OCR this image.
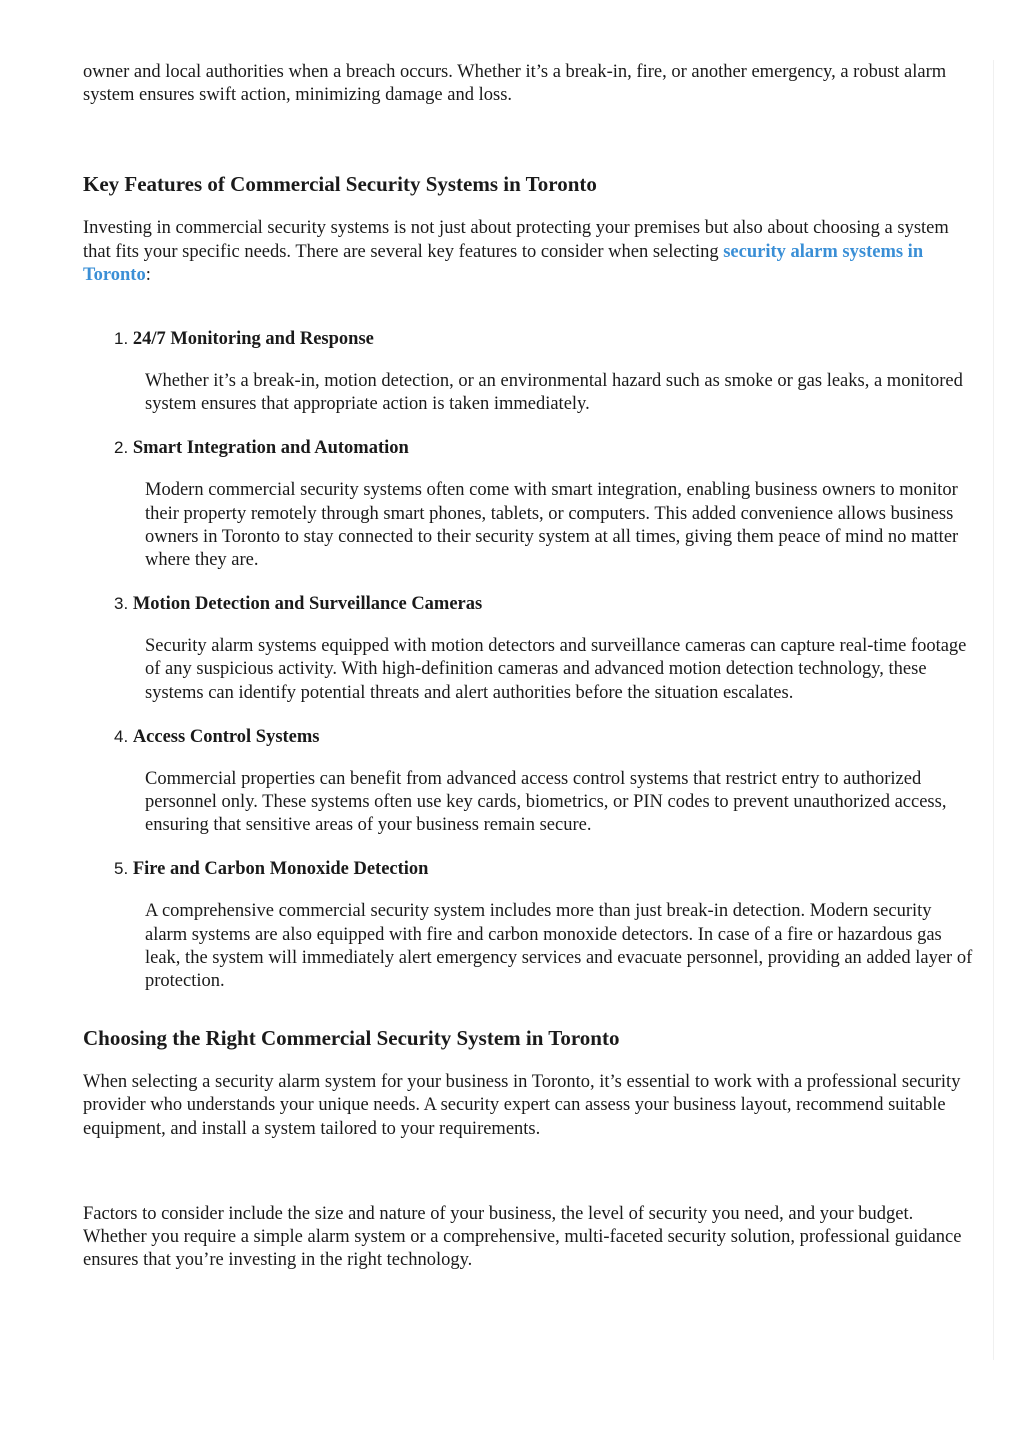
owner and local authorities when a breach occurs. Whether it’s a break-in, fire, or another emergency, a robust alarm system ensures swift action, minimizing damage and loss.

Key Features of Commercial Security Systems in Toronto

Investing in commercial security systems is not just about protecting your premises but also about choosing a system that fits your specific needs. There are several key features to consider when selecting security alarm systems in Toronto:

1. 24/7 Monitoring and Response

Whether it’s a break-in, motion detection, or an environmental hazard such as smoke or gas leaks, a monitored system ensures that appropriate action is taken immediately.

2. Smart Integration and Automation

Modern commercial security systems often come with smart integration, enabling business owners to monitor their property remotely through smart phones, tablets, or computers. This added convenience allows business owners in Toronto to stay connected to their security system at all times, giving them peace of mind no matter where they are.

3. Motion Detection and Surveillance Cameras

Security alarm systems equipped with motion detectors and surveillance cameras can capture real-time footage of any suspicious activity. With high-definition cameras and advanced motion detection technology, these systems can identify potential threats and alert authorities before the situation escalates.

4. Access Control Systems

Commercial properties can benefit from advanced access control systems that restrict entry to authorized personnel only. These systems often use key cards, biometrics, or PIN codes to prevent unauthorized access, ensuring that sensitive areas of your business remain secure.

5. Fire and Carbon Monoxide Detection

A comprehensive commercial security system includes more than just break-in detection. Modern security alarm systems are also equipped with fire and carbon monoxide detectors. In case of a fire or hazardous gas leak, the system will immediately alert emergency services and evacuate personnel, providing an added layer of protection.

Choosing the Right Commercial Security System in Toronto

When selecting a security alarm system for your business in Toronto, it’s essential to work with a professional security provider who understands your unique needs. A security expert can assess your business layout, recommend suitable equipment, and install a system tailored to your requirements.

Factors to consider include the size and nature of your business, the level of security you need, and your budget. Whether you require a simple alarm system or a comprehensive, multi-faceted security solution, professional guidance ensures that you’re investing in the right technology.
